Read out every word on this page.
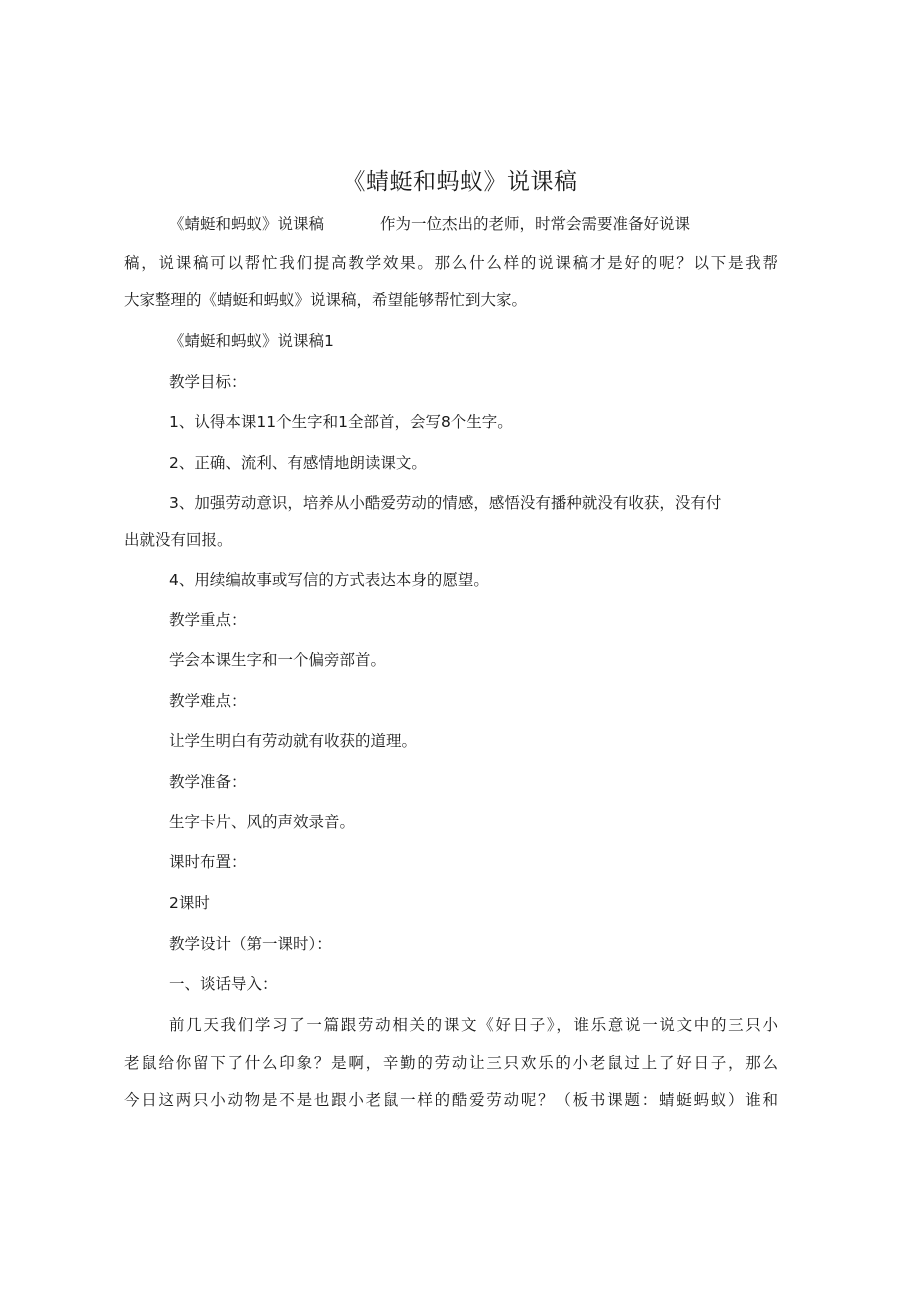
《蜻蜓和蚂蚁》说课稿

《蜻蜓和蚂蚁》说课稿	作为一位杰出的老师，时常会需要准备好说课

稿，说课稿可以帮忙我们提高教学效果。那么什么样的说课稿才是好的呢？以下是我帮

大家整理的《蜻蜓和蚂蚁》说课稿，希望能够帮忙到大家。

《蜻蜓和蚂蚁》说课稿1

教学目标：

1、认得本课11个生字和1全部首，会写8个生字。

2、正确、流利、有感情地朗读课文。

3、加强劳动意识，培养从小酷爱劳动的情感，感悟没有播种就没有收获，没有付

出就没有回报。

4、用续编故事或写信的方式表达本身的愿望。

教学重点：

学会本课生字和一个偏旁部首。

教学难点：

让学生明白有劳动就有收获的道理。

教学准备：

生字卡片、风的声效录音。

课时布置：

2课时

教学设计（第一课时）：

一、谈话导入：

前几天我们学习了一篇跟劳动相关的课文《好日子》，谁乐意说一说文中的三只小

老鼠给你留下了什么印象？是啊，辛勤的劳动让三只欢乐的小老鼠过上了好日子，那么

今日这两只小动物是不是也跟小老鼠一样的酷爱劳动呢？（板书课题：蜻蜓蚂蚁）谁和
